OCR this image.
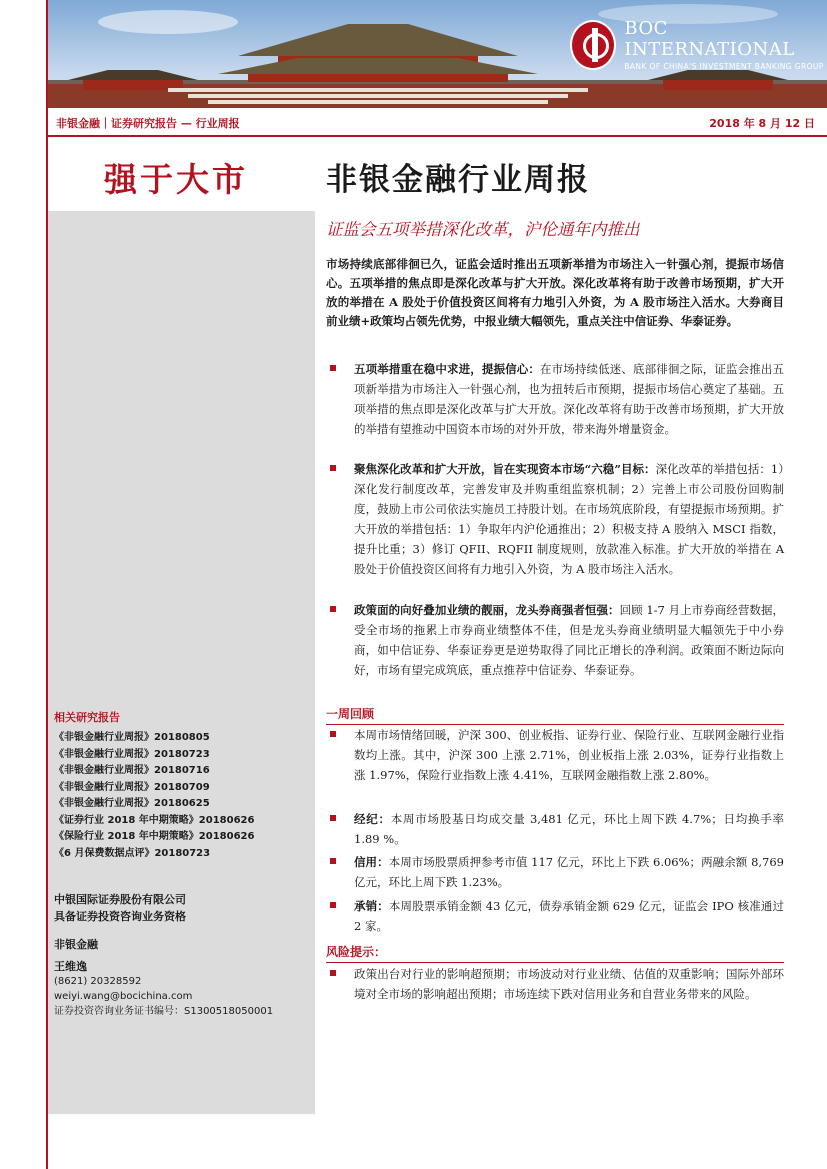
BOC INTERNATIONAL
BANK OF CHINA'S INVESTMENT BANKING GROUP
非银金融｜证券研究报告 — 行业周报	2018 年 8 月 12 日
强于大市
相关研究报告
《非银金融行业周报》20180805
《非银金融行业周报》20180723
《非银金融行业周报》20180716
《非银金融行业周报》20180709
《非银金融行业周报》20180625
《证券行业 2018 年中期策略》20180626
《保险行业 2018 年中期策略》20180626
《6 月保费数据点评》20180723
中银国际证券股份有限公司
具备证券投资咨询业务资格
非银金融
王维逸
(8621) 20328592
weiyi.wang@bocichina.com
证券投资咨询业务证书编号：S1300518050001
非银金融行业周报
证监会五项举措深化改革，沪伦通年内推出
市场持续底部徘徊已久，证监会适时推出五项新举措为市场注入一针强心剂，提振市场信心。五项举措的焦点即是深化改革与扩大开放。深化改革将有助于改善市场预期，扩大开放的举措在 A 股处于价值投资区间将有力地引入外资，为 A 股市场注入活水。大券商目前业绩+政策均占领先优势，中报业绩大幅领先，重点关注中信证券、华泰证券。
五项举措重在稳中求进，提振信心：在市场持续低迷、底部徘徊之际，证监会推出五项新举措为市场注入一针强心剂，也为扭转后市预期，提振市场信心奠定了基础。五项举措的焦点即是深化改革与扩大开放。深化改革将有助于改善市场预期，扩大开放的举措有望推动中国资本市场的对外开放，带来海外增量资金。
聚焦深化改革和扩大开放，旨在实现资本市场“六稳”目标：深化改革的举措包括：1）深化发行制度改革，完善发审及并购重组监察机制；2）完善上市公司股份回购制度，鼓励上市公司依法实施员工持股计划。在市场筑底阶段，有望提振市场预期。扩大开放的举措包括：1）争取年内沪伦通推出；2）积极支持 A 股纳入 MSCI 指数，提升比重；3）修订 QFII、RQFII 制度规则，放款准入标准。扩大开放的举措在 A 股处于价值投资区间将有力地引入外资，为 A 股市场注入活水。
政策面的向好叠加业绩的靓丽，龙头券商强者恒强：回顾 1-7 月上市券商经营数据，受全市场的拖累上市券商业绩整体不佳，但是龙头券商业绩明显大幅领先于中小券商，如中信证券、华泰证券更是逆势取得了同比正增长的净利润。政策面不断边际向好，市场有望完成筑底，重点推荐中信证券、华泰证券。
一周回顾
本周市场情绪回暖，沪深 300、创业板指、证券行业、保险行业、互联网金融行业指数均上涨。其中，沪深 300 上涨 2.71%，创业板指上涨 2.03%，证券行业指数上涨 1.97%，保险行业指数上涨 4.41%，互联网金融指数上涨 2.80%。
经纪：本周市场股基日均成交量 3,481 亿元，环比上周下跌 4.7%；日均换手率 1.89 %。
信用：本周市场股票质押参考市值 117 亿元，环比上下跌 6.06%；两融余额 8,769 亿元，环比上周下跌 1.23%。
承销：本周股票承销金额 43 亿元，债券承销金额 629 亿元，证监会 IPO 核准通过 2 家。
风险提示：
政策出台对行业的影响超预期；市场波动对行业业绩、估值的双重影响；国际外部环境对全市场的影响超出预期；市场连续下跌对信用业务和自营业务带来的风险。
